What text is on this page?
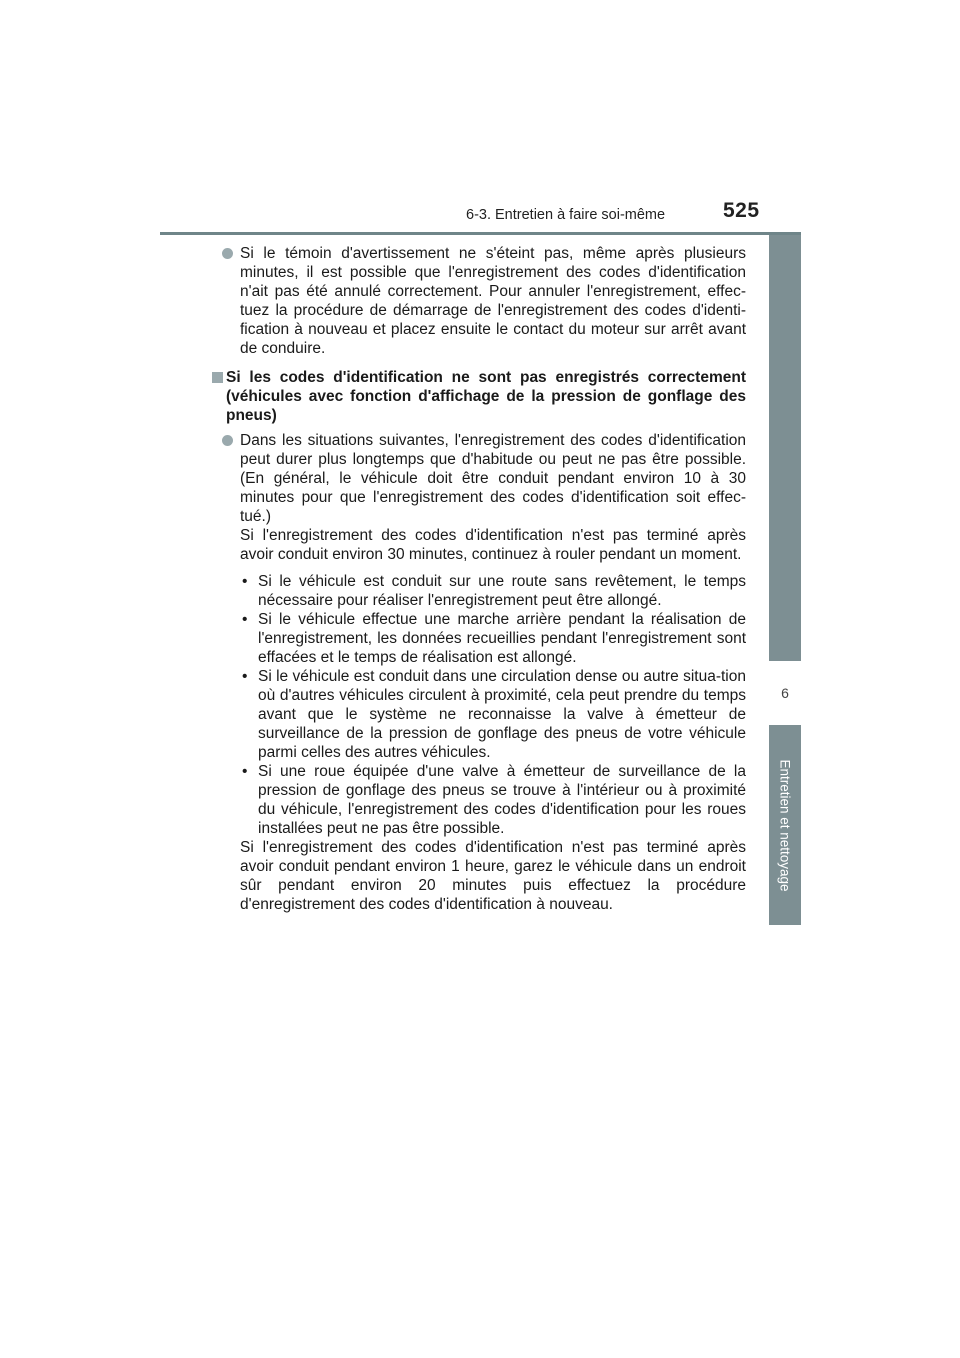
6-3. Entretien à faire soi-même	525
6
Entretien et nettoyage

Si le témoin d'avertissement ne s'éteint pas, même après plusieurs minutes, il est possible que l'enregistrement des codes d'identification n'ait pas été annulé correctement. Pour annuler l'enregistrement, effec-tuez la procédure de démarrage de l'enregistrement des codes d'identi-fication à nouveau et placez ensuite le contact du moteur sur arrêt avant de conduire.

Si les codes d'identification ne sont pas enregistrés correctement (véhicules avec fonction d'affichage de la pression de gonflage des pneus)

Dans les situations suivantes, l'enregistrement des codes d'identification peut durer plus longtemps que d'habitude ou peut ne pas être possible. (En général, le véhicule doit être conduit pendant environ 10 à 30 minutes pour que l'enregistrement des codes d'identification soit effec-tué.)

Si l'enregistrement des codes d'identification n'est pas terminé après avoir conduit environ 30 minutes, continuez à rouler pendant un moment.

• Si le véhicule est conduit sur une route sans revêtement, le temps nécessaire pour réaliser l'enregistrement peut être allongé.

• Si le véhicule effectue une marche arrière pendant la réalisation de l'enregistrement, les données recueillies pendant l'enregistrement sont effacées et le temps de réalisation est allongé.

• Si le véhicule est conduit dans une circulation dense ou autre situa-tion où d'autres véhicules circulent à proximité, cela peut prendre du temps avant que le système ne reconnaisse la valve à émetteur de surveillance de la pression de gonflage des pneus de votre véhicule parmi celles des autres véhicules.

• Si une roue équipée d'une valve à émetteur de surveillance de la pression de gonflage des pneus se trouve à l'intérieur ou à proximité du véhicule, l'enregistrement des codes d'identification pour les roues installées peut ne pas être possible.

Si l'enregistrement des codes d'identification n'est pas terminé après avoir conduit pendant environ 1 heure, garez le véhicule dans un endroit sûr pendant environ 20 minutes puis effectuez la procédure d'enregistrement des codes d'identification à nouveau.
